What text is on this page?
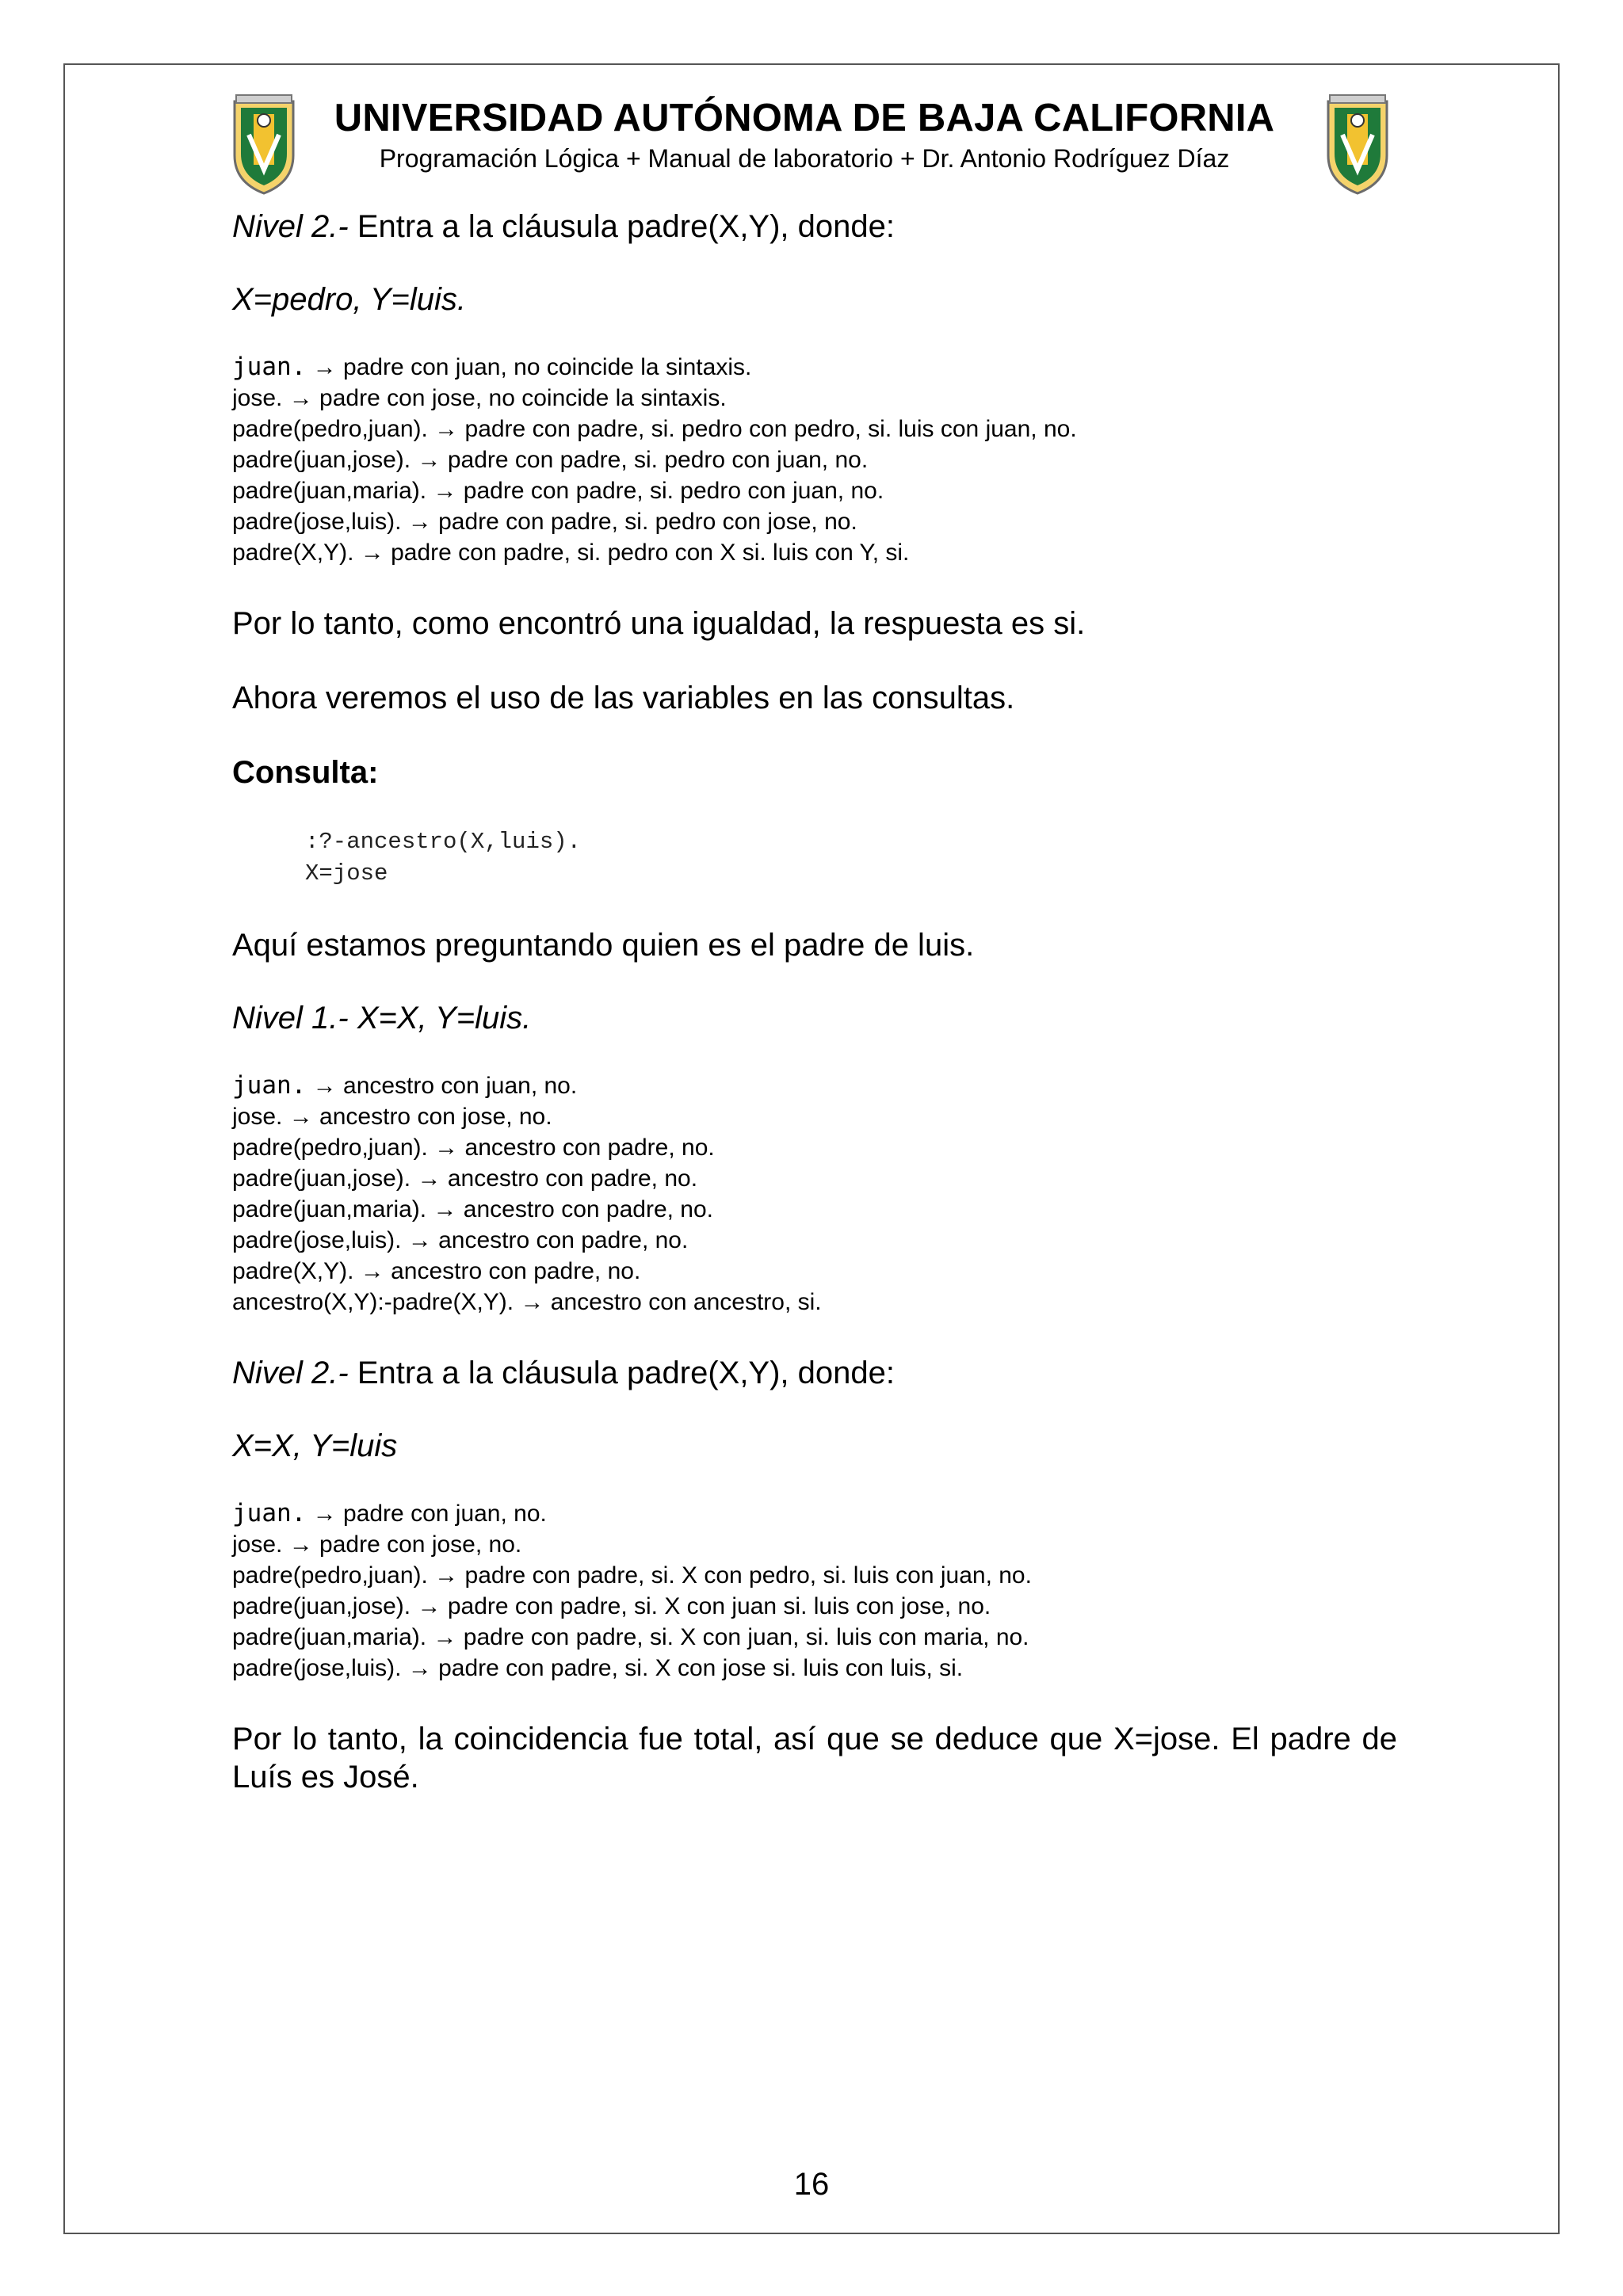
UNIVERSIDAD AUTÓNOMA DE BAJA CALIFORNIA
Programación Lógica + Manual de laboratorio + Dr. Antonio Rodríguez Díaz

Nivel 2.- Entra a la cláusula padre(X,Y), donde:

X=pedro, Y=luis.

juan. → padre con juan, no coincide la sintaxis.

jose. → padre con jose, no coincide la sintaxis.

padre(pedro,juan). → padre con padre, si. pedro con pedro, si. luis con juan, no.

padre(juan,jose). → padre con padre, si. pedro con juan, no.

padre(juan,maria). → padre con padre, si. pedro con juan, no.

padre(jose,luis). → padre con padre, si. pedro con jose, no.

padre(X,Y). → padre con padre, si. pedro con X si. luis con Y, si.

Por lo tanto, como encontró una igualdad, la respuesta es si.

Ahora veremos el uso de las variables en las consultas.

Consulta:

:?-ancestro(X,luis).

X=jose

Aquí estamos preguntando quien es el padre de luis.

Nivel 1.- X=X, Y=luis.

juan. → ancestro con juan, no.

jose. → ancestro con jose, no.

padre(pedro,juan). → ancestro con padre, no.

padre(juan,jose). → ancestro con padre, no.

padre(juan,maria). → ancestro con padre, no.

padre(jose,luis). → ancestro con padre, no.

padre(X,Y). → ancestro con padre, no.

ancestro(X,Y):-padre(X,Y). → ancestro con ancestro, si.

Nivel 2.- Entra a la cláusula padre(X,Y), donde:

X=X, Y=luis

juan. → padre con juan, no.

jose. → padre con jose, no.

padre(pedro,juan). → padre con padre, si. X con pedro, si. luis con juan, no.

padre(juan,jose). → padre con padre, si. X con juan si. luis con jose, no.

padre(juan,maria). → padre con padre, si. X con juan, si. luis con maria, no.

padre(jose,luis). → padre con padre, si. X con jose si. luis con luis, si.

Por lo tanto, la coincidencia fue total, así que se deduce que X=jose. El padre de Luís es José.

16
